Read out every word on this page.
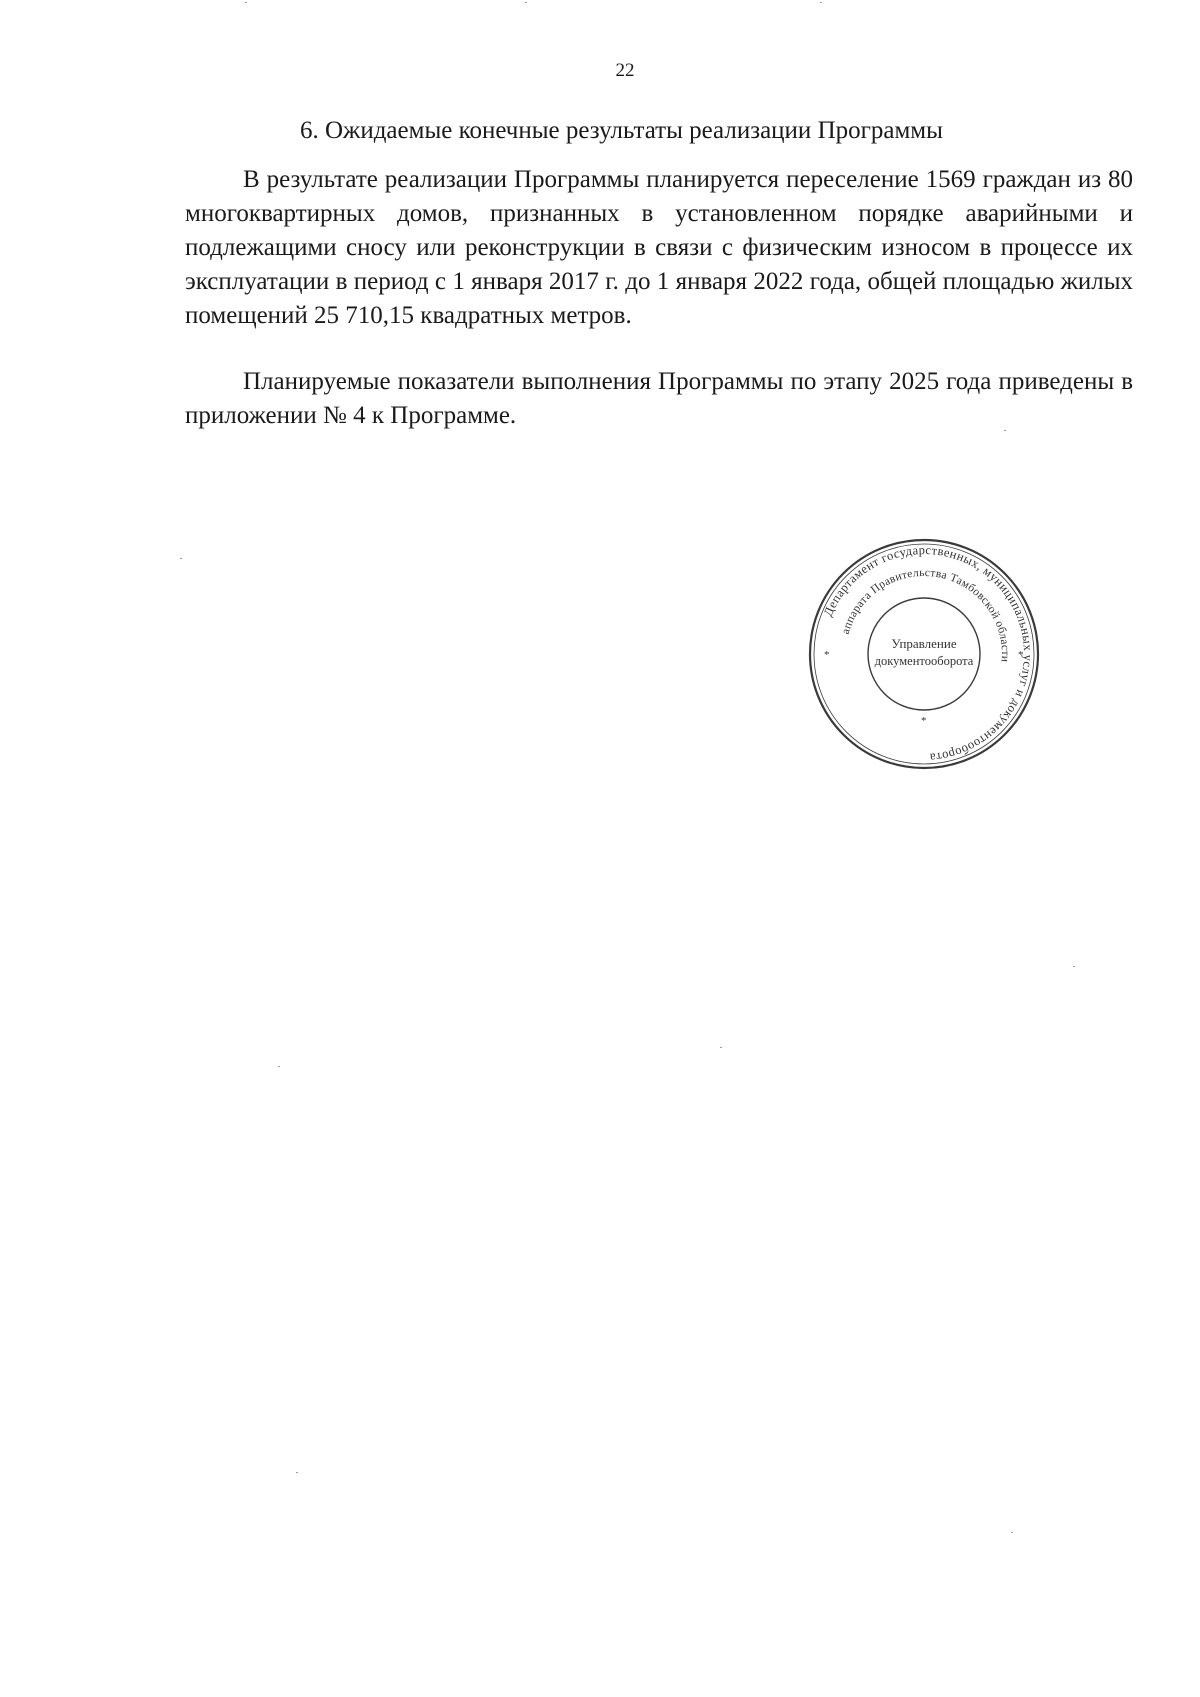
22
6. Ожидаемые конечные результаты реализации Программы

В результате реализации Программы планируется переселение 1569 граждан из 80 многоквартирных домов, признанных в установленном порядке аварийными и подлежащими сносу или реконструкции в связи с физическим износом в процессе их эксплуатации в период с 1 января 2017 г. до 1 января 2022 года, общей площадью жилых помещений 25 710,15 квадратных метров.

Планируемые показатели выполнения Программы по этапу 2025 года приведены в приложении № 4 к Программе.

Департамент государственных, муниципальных услуг и документооборота
аппарата Правительства Тамбовской области
Управление
документооборота
*	*
*
